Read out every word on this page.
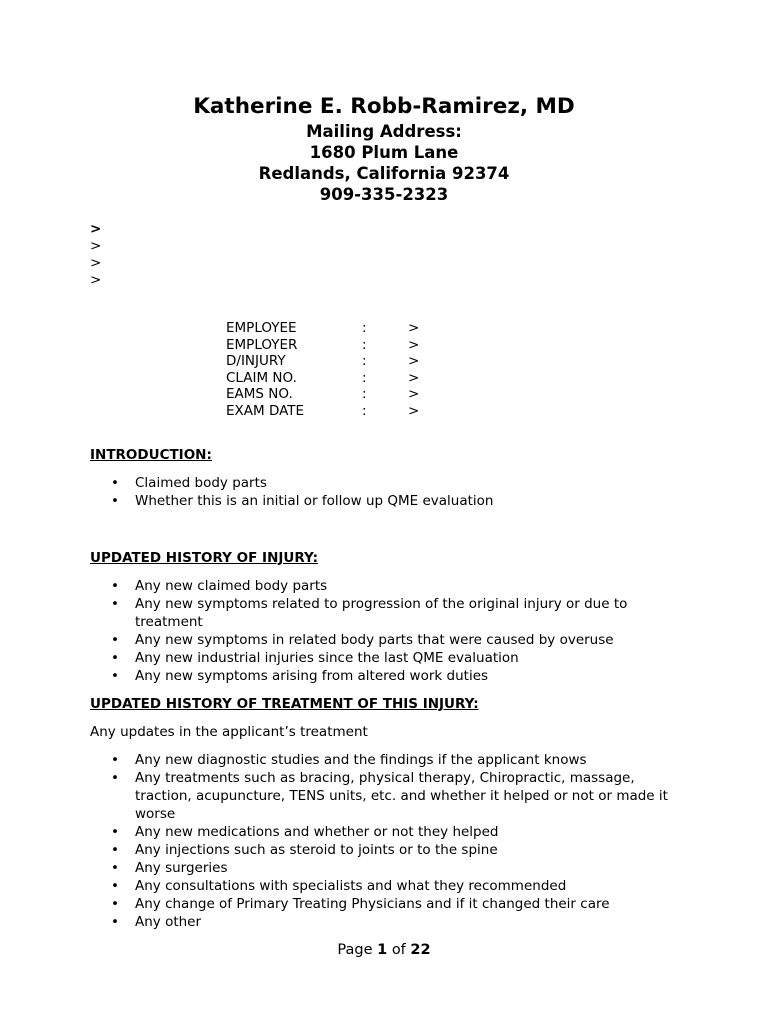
Katherine E. Robb-Ramirez, MD
Mailing Address:
1680 Plum Lane
Redlands, California 92374
909-335-2323
>
>
>
>
EMPLOYEE	:	>
EMPLOYER	:	>
D/INJURY	:	>
CLAIM NO.	:	>
EAMS NO.	:	>
EXAM DATE	:	>
INTRODUCTION:
• Claimed body parts
• Whether this is an initial or follow up QME evaluation
UPDATED HISTORY OF INJURY:
• Any new claimed body parts
• Any new symptoms related to progression of the original injury or due to treatment
• Any new symptoms in related body parts that were caused by overuse
• Any new industrial injuries since the last QME evaluation
• Any new symptoms arising from altered work duties
UPDATED HISTORY OF TREATMENT OF THIS INJURY:
Any updates in the applicant’s treatment
• Any new diagnostic studies and the findings if the applicant knows
• Any treatments such as bracing, physical therapy, Chiropractic, massage, traction, acupuncture, TENS units, etc. and whether it helped or not or made it worse
• Any new medications and whether or not they helped
• Any injections such as steroid to joints or to the spine
• Any surgeries
• Any consultations with specialists and what they recommended
• Any change of Primary Treating Physicians and if it changed their care
• Any other
Page 1 of 22
